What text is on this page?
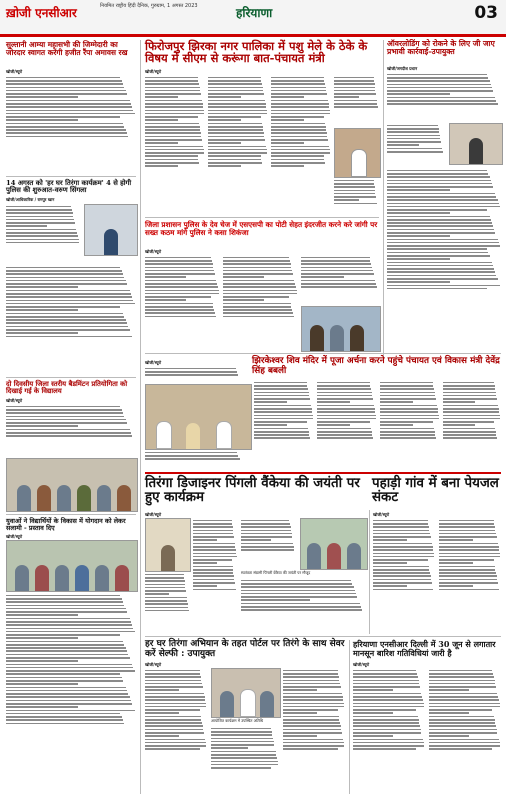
ख़ोजी एनसीआर	नियमित राष्ट्रीय हिंदी दैनिक, गुरुग्राम, 1 अगस्त 2023	हरियाणा	03
सुल्तानी आम्या महासभी की जिम्मेदारी का जोरदार स्वागत करेंगी हजीत रैंपा अमावस रख
खोजी/ब्यूरो
14 अगस्त को 'हर घर तिरंगा कार्यक्रम' 4 से होगी पुलिस की शुरुआत-वरुण सिंगला
खोजी/आधिकारिक / रामपुर खान
दो दिवसीय जिला स्तरीय बैडमिंटन प्रतियोगिता को दिखाई गई के विद्यालय
खोजी/ब्यूरो
युवाओं ने विद्यार्थियों के विकास में योगदान को लेकर सलामी - प्रस्ताव दिए
खोजी/ब्यूरो
फिरोजपुर झिरका नगर पालिका में पशु मेले के ठेके के विषय में सीएम से करूंगा बात-पंचायत मंत्री
खोजी/ब्यूरो
जिला प्रशासन पुलिस के देव चेज में एसएसपी का पोटी सेहत इंदरजीत करने करे जांगी पर सख्त कठम मांगे पुलिस ने कसा शिकंजा
खोजी/ब्यूरो
ऑवरलोडिंग को रोकने के लिए जी जाए प्रभावी कार्रवाई-उपायुक्त
खोजी/जगदीश प्रधान
झिरकेश्वर शिव मंदिर में पूजा अर्चना करने पहुंचे पंचायत एवं विकास मंत्री देवेंद्र सिंह बबली
खोजी/ब्यूरो
तिरंगा डिजाइनर पिंगली वैंकेया की जयंती पर हुए कार्यक्रम
पहाड़ी गांव में बना पेयजल संकट
खोजी/ब्यूरो
स्वतंत्रता संग्रामी पिंगली वेंकैया की जयंती पर मौजूद
खोजी/ब्यूरो
हर घर तिरंगा अभियान के तहत पोर्टल पर तिरंगे के साथ सेवर करें सेल्फी : उपायुक्त
खोजी/ब्यूरो
आयोजित कार्यक्रम में उपस्थित अतिथि
हरियाणा एनसीआर दिल्ली में 30 जून से लगातार मानसून बारिश गतिविधियां जारी है
खोजी/ब्यूरो
